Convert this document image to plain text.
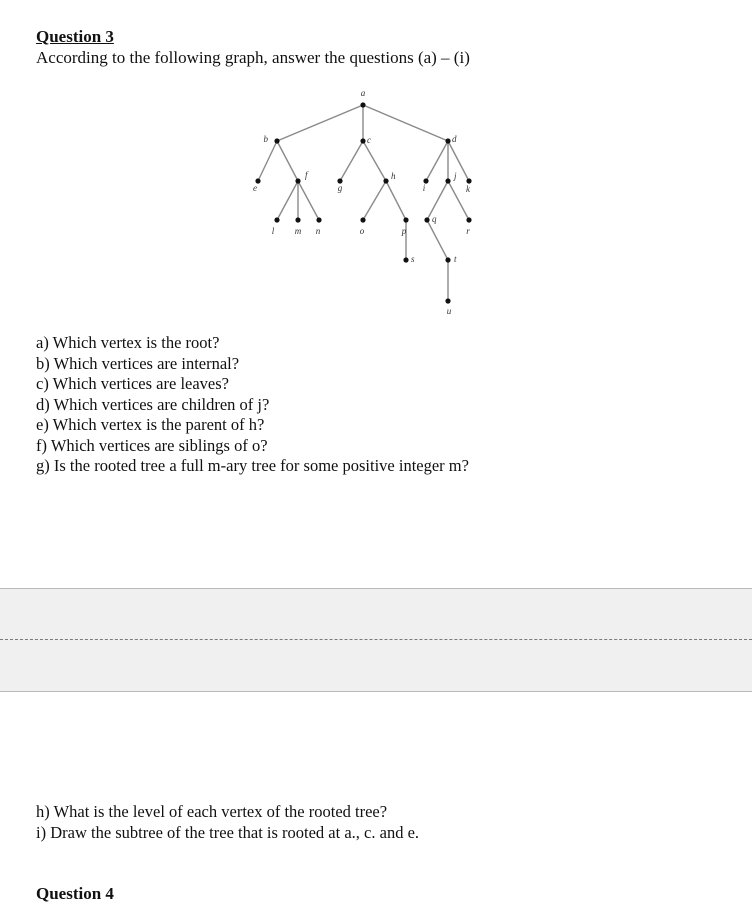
Question 3
According to the following graph, answer the questions (a) – (i)
a
b	c	d
e
f
g
h
i
j
k
l m n	o	p
q
r
s	t
u
a) Which vertex is the root?
b) Which vertices are internal?
c) Which vertices are leaves?
d) Which vertices are children of j?
e) Which vertex is the parent of h?
f) Which vertices are siblings of o?
g) Is the rooted tree a full m-ary tree for some positive integer m?
h) What is the level of each vertex of the rooted tree?
i) Draw the subtree of the tree that is rooted at a., c. and e.
Question 4
